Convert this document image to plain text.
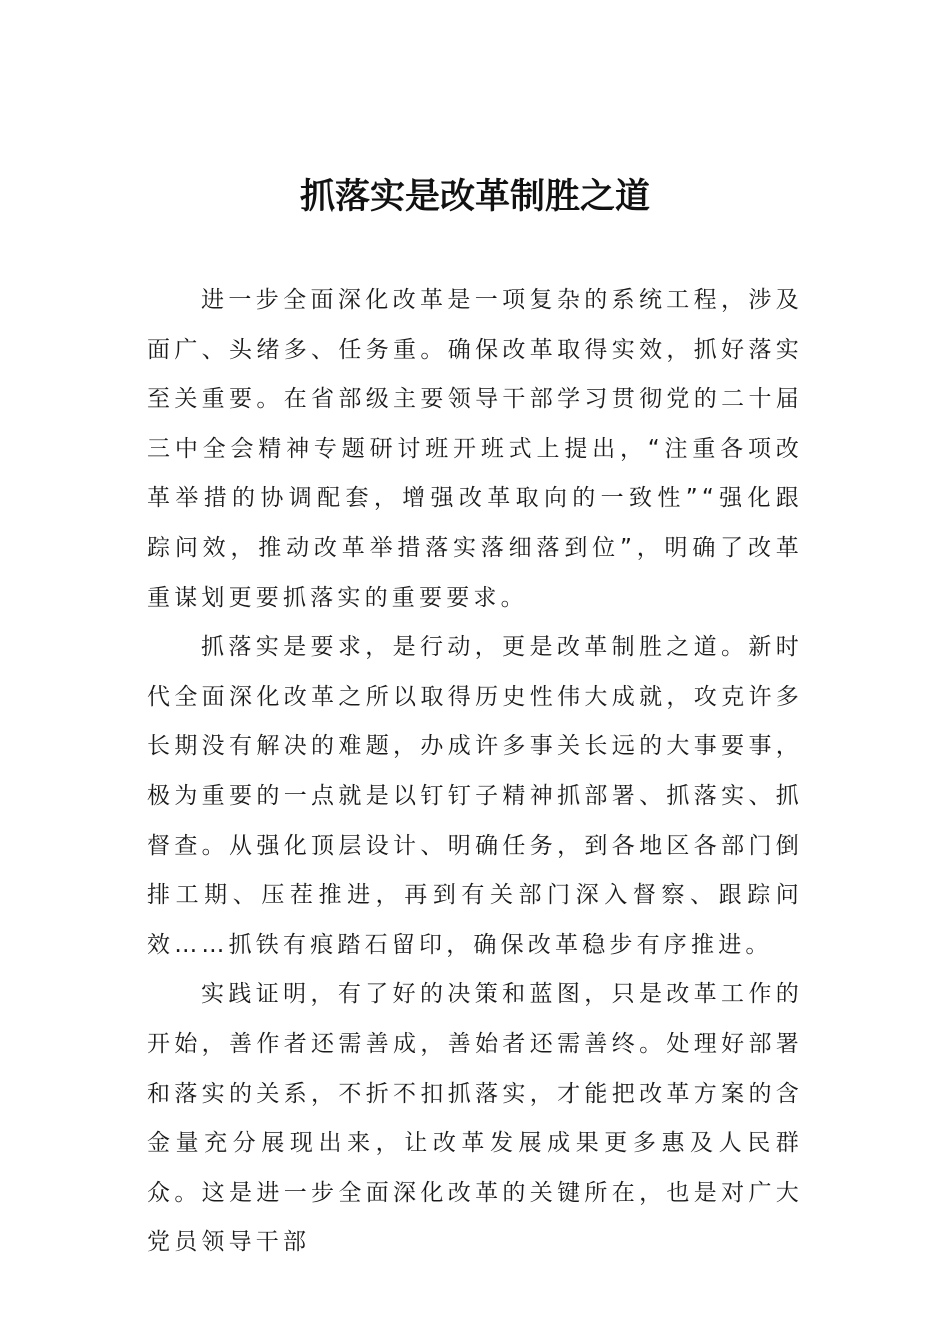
抓落实是改革制胜之道

进一步全面深化改革是一项复杂的系统工程，涉及面广、头绪多、任务重。确保改革取得实效，抓好落实至关重要。在省部级主要领导干部学习贯彻党的二十届三中全会精神专题研讨班开班式上提出，“注重各项改革举措的协调配套，增强改革取向的一致性”“强化跟踪问效，推动改革举措落实落细落到位”，明确了改革重谋划更要抓落实的重要要求。

抓落实是要求，是行动，更是改革制胜之道。新时代全面深化改革之所以取得历史性伟大成就，攻克许多长期没有解决的难题，办成许多事关长远的大事要事，极为重要的一点就是以钉钉子精神抓部署、抓落实、抓督查。从强化顶层设计、明确任务，到各地区各部门倒排工期、压茬推进，再到有关部门深入督察、跟踪问效……抓铁有痕踏石留印，确保改革稳步有序推进。

实践证明，有了好的决策和蓝图，只是改革工作的开始，善作者还需善成，善始者还需善终。处理好部署和落实的关系，不折不扣抓落实，才能把改革方案的含金量充分展现出来，让改革发展成果更多惠及人民群众。这是进一步全面深化改革的关键所在，也是对广大党员领导干部
